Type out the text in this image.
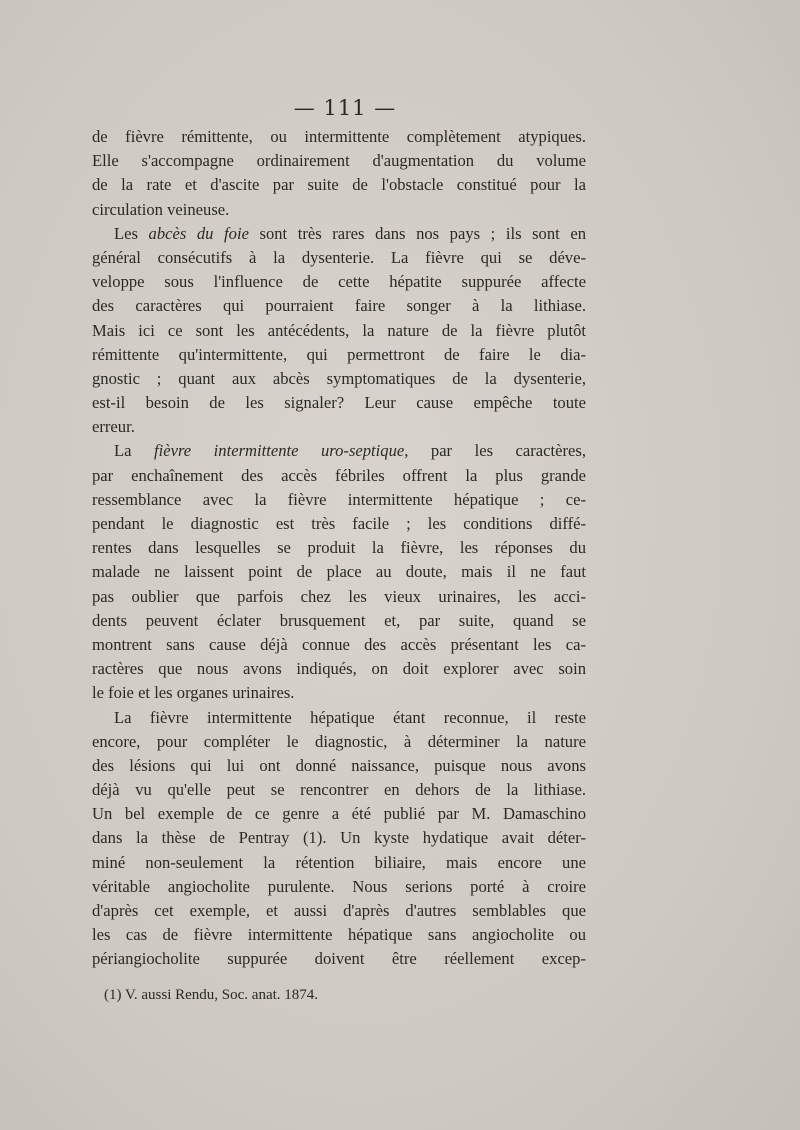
— 111 —
de fièvre rémittente, ou intermittente complètement atypiques.
Elle s'accompagne ordinairement d'augmentation du volume
de la rate et d'ascite par suite de l'obstacle constitué pour la
circulation veineuse.
Les abcès du foie sont très rares dans nos pays ; ils sont en
général consécutifs à la dysenterie. La fièvre qui se déve-
veloppe sous l'influence de cette hépatite suppurée affecte
des caractères qui pourraient faire songer à la lithiase.
Mais ici ce sont les antécédents, la nature de la fièvre plutôt
rémittente qu'intermittente, qui permettront de faire le dia-
gnostic ; quant aux abcès symptomatiques de la dysenterie,
est-il besoin de les signaler? Leur cause empêche toute
erreur.
La fièvre intermittente uro-septique, par les caractères,
par enchaînement des accès fébriles offrent la plus grande
ressemblance avec la fièvre intermittente hépatique ; ce-
pendant le diagnostic est très facile ; les conditions diffé-
rentes dans lesquelles se produit la fièvre, les réponses du
malade ne laissent point de place au doute, mais il ne faut
pas oublier que parfois chez les vieux urinaires, les acci-
dents peuvent éclater brusquement et, par suite, quand se
montrent sans cause déjà connue des accès présentant les ca-
ractères que nous avons indiqués, on doit explorer avec soin
le foie et les organes urinaires.
La fièvre intermittente hépatique étant reconnue, il reste
encore, pour compléter le diagnostic, à déterminer la nature
des lésions qui lui ont donné naissance, puisque nous avons
déjà vu qu'elle peut se rencontrer en dehors de la lithiase.
Un bel exemple de ce genre a été publié par M. Damaschino
dans la thèse de Pentray (1). Un kyste hydatique avait déter-
miné non-seulement la rétention biliaire, mais encore une
véritable angiocholite purulente. Nous serions porté à croire
d'après cet exemple, et aussi d'après d'autres semblables que
les cas de fièvre intermittente hépatique sans angiocholite ou
périangiocholite suppurée doivent être réellement excep-
(1) V. aussi Rendu, Soc. anat. 1874.
